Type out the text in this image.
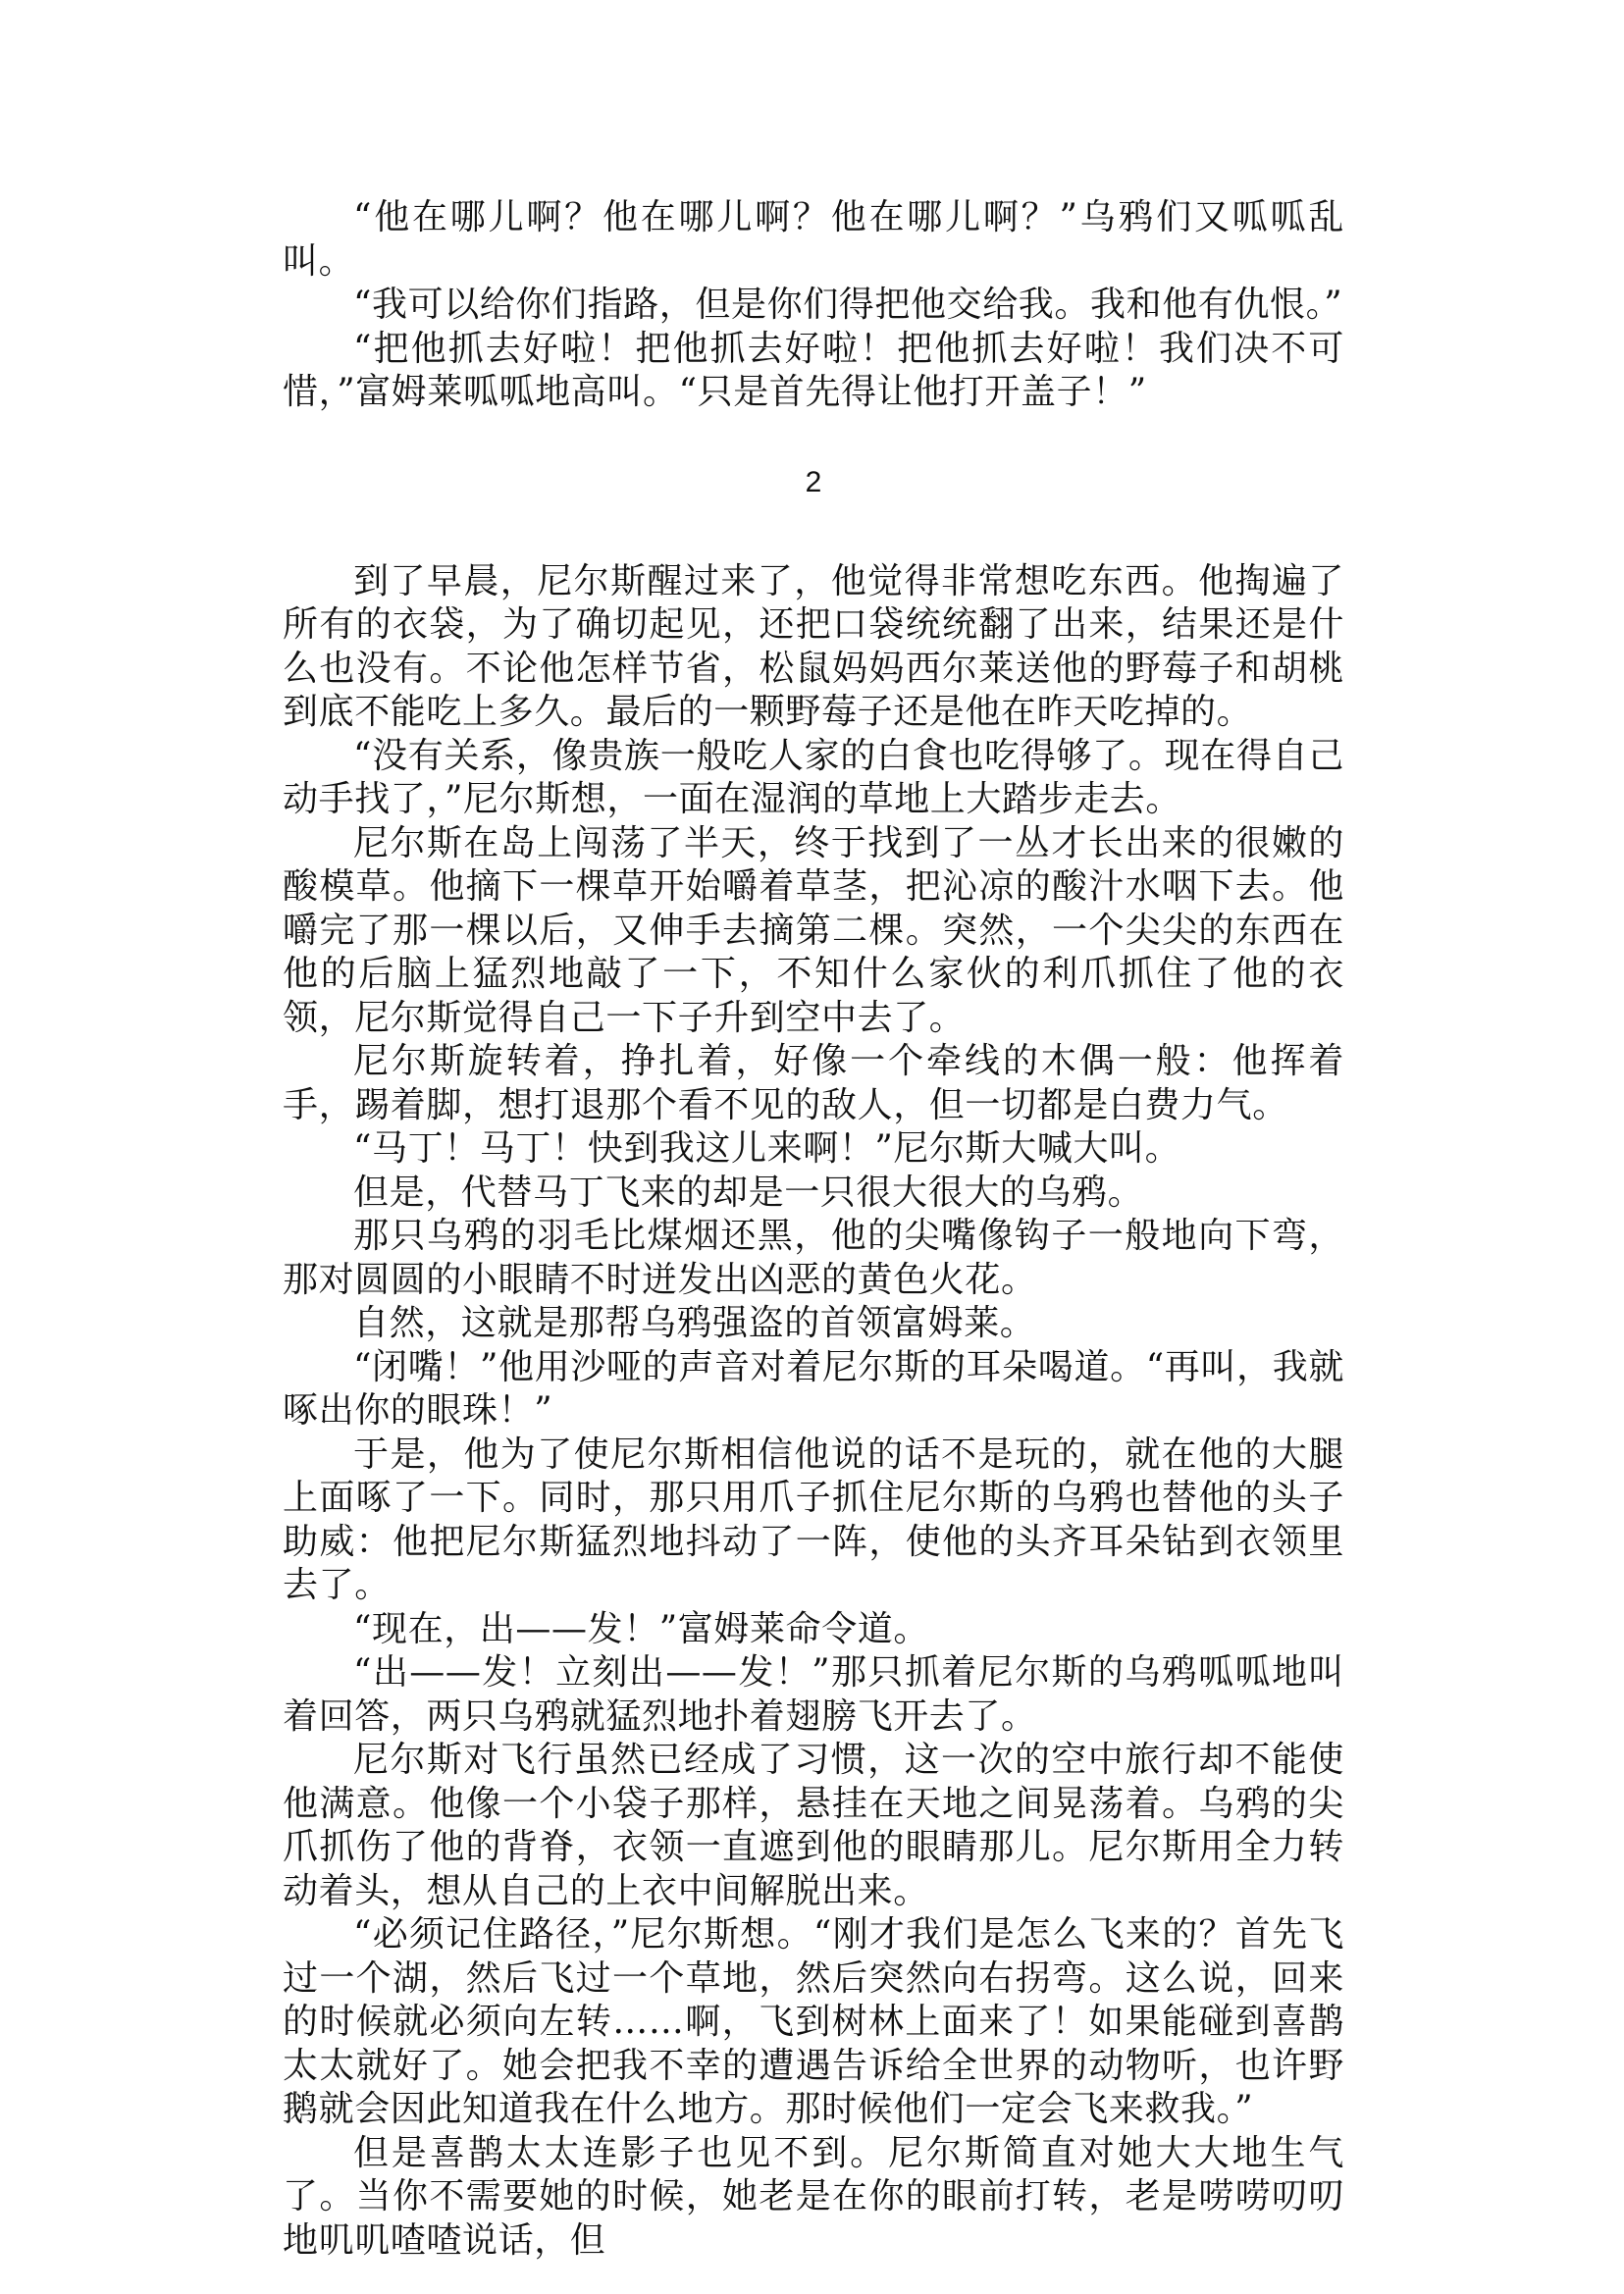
“他在哪儿啊？他在哪儿啊？他在哪儿啊？”乌鸦们又呱呱乱叫。

“我可以给你们指路，但是你们得把他交给我。我和他有仇恨。”

“把他抓去好啦！把他抓去好啦！把他抓去好啦！我们决不可惜，”富姆莱呱呱地高叫。“只是首先得让他打开盖子！”

2

到了早晨，尼尔斯醒过来了，他觉得非常想吃东西。他掏遍了所有的衣袋，为了确切起见，还把口袋统统翻了出来，结果还是什么也没有。不论他怎样节省，松鼠妈妈西尔莱送他的野莓子和胡桃到底不能吃上多久。最后的一颗野莓子还是他在昨天吃掉的。

“没有关系，像贵族一般吃人家的白食也吃得够了。现在得自己动手找了，”尼尔斯想，一面在湿润的草地上大踏步走去。

尼尔斯在岛上闯荡了半天，终于找到了一丛才长出来的很嫩的酸模草。他摘下一棵草开始嚼着草茎，把沁凉的酸汁水咽下去。他嚼完了那一棵以后，又伸手去摘第二棵。突然，一个尖尖的东西在他的后脑上猛烈地敲了一下，不知什么家伙的利爪抓住了他的衣领，尼尔斯觉得自己一下子升到空中去了。

尼尔斯旋转着，挣扎着，好像一个牵线的木偶一般：他挥着手，踢着脚，想打退那个看不见的敌人，但一切都是白费力气。

“马丁！马丁！快到我这儿来啊！”尼尔斯大喊大叫。

但是，代替马丁飞来的却是一只很大很大的乌鸦。

那只乌鸦的羽毛比煤烟还黑，他的尖嘴像钩子一般地向下弯，那对圆圆的小眼睛不时迸发出凶恶的黄色火花。

自然，这就是那帮乌鸦强盗的首领富姆莱。

“闭嘴！”他用沙哑的声音对着尼尔斯的耳朵喝道。“再叫，我就啄出你的眼珠！”

于是，他为了使尼尔斯相信他说的话不是玩的，就在他的大腿上面啄了一下。同时，那只用爪子抓住尼尔斯的乌鸦也替他的头子助威：他把尼尔斯猛烈地抖动了一阵，使他的头齐耳朵钻到衣领里去了。

“现在，出——发！”富姆莱命令道。

“出——发！立刻出——发！”那只抓着尼尔斯的乌鸦呱呱地叫着回答，两只乌鸦就猛烈地扑着翅膀飞开去了。

尼尔斯对飞行虽然已经成了习惯，这一次的空中旅行却不能使他满意。他像一个小袋子那样，悬挂在天地之间晃荡着。乌鸦的尖爪抓伤了他的背脊，衣领一直遮到他的眼睛那儿。尼尔斯用全力转动着头，想从自己的上衣中间解脱出来。

“必须记住路径，”尼尔斯想。“刚才我们是怎么飞来的？首先飞过一个湖，然后飞过一个草地，然后突然向右拐弯。这么说，回来的时候就必须向左转……啊，飞到树林上面来了！如果能碰到喜鹊太太就好了。她会把我不幸的遭遇告诉给全世界的动物听，也许野鹅就会因此知道我在什么地方。那时候他们一定会飞来救我。”

但是喜鹊太太连影子也见不到。尼尔斯简直对她大大地生气了。当你不需要她的时候，她老是在你的眼前打转，老是唠唠叨叨地叽叽喳喳说话，但
